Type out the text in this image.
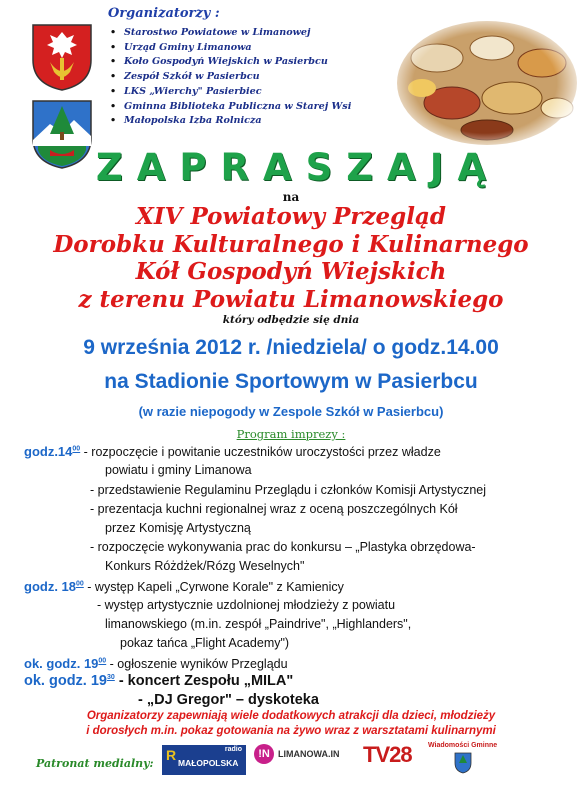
Organizatorzy :
• Starostwo Powiatowe w Limanowej
• Urząd Gminy Limanowa
• Koło Gospodyń Wiejskich w Pasierbcu
• Zespół Szkół w Pasierbcu
• LKS „Wierchy" Pasierbiec
• Gminna Biblioteka Publiczna w Starej Wsi
• Małopolska Izba Rolnicza
ZAPRASZAJĄ
na
XIV Powiatowy Przegląd
Dorobku Kulturalnego i Kulinarnego
Kół Gospodyń Wiejskich
z terenu Powiatu Limanowskiego
który odbędzie się dnia
9 września 2012 r. /niedziela/ o godz.14.00
na Stadionie Sportowym w Pasierbcu
(w razie niepogody w Zespole Szkół w Pasierbcu)
Program imprezy :
$godz.14^{00}$ - rozpoczęcie i powitanie uczestników uroczystości przez władze
powiatu i gminy Limanowa
- przedstawienie Regulaminu Przeglądu i członków Komisji Artystycznej
- prezentacja kuchni regionalnej wraz z oceną poszczególnych Kół
przez Komisję Artystyczną
- rozpoczęcie wykonywania prac do konkursu – „Plastyka obrzędowa-
Konkurs Różdżek/Rózg Weselnych"
godz. $18^{00}$ - występ Kapeli „Cyrwone Korale" z Kamienicy
- występ artystycznie uzdolnionej młodzieży z powiatu
limanowskiego (m.in. zespół „Paindrive", „Highlanders",
pokaz tańca „Flight Academy")
ok. godz. $19^{00}$ - ogłoszenie wyników Przeglądu
ok. godz. $19^{30}$ - koncert Zespołu „MILA"
- „DJ Gregor" – dyskoteka
Organizatorzy zapewniają wiele dodatkowych atrakcji dla dzieci, młodzieży
i dorosłych m.in. pokaz gotowania na żywo wraz z warsztatami kulinarnymi
Patronat medialny:
R	radio
MAŁOPOLSKA
!N LIMANOWA.IN TV28 Wiadomości Gminne
